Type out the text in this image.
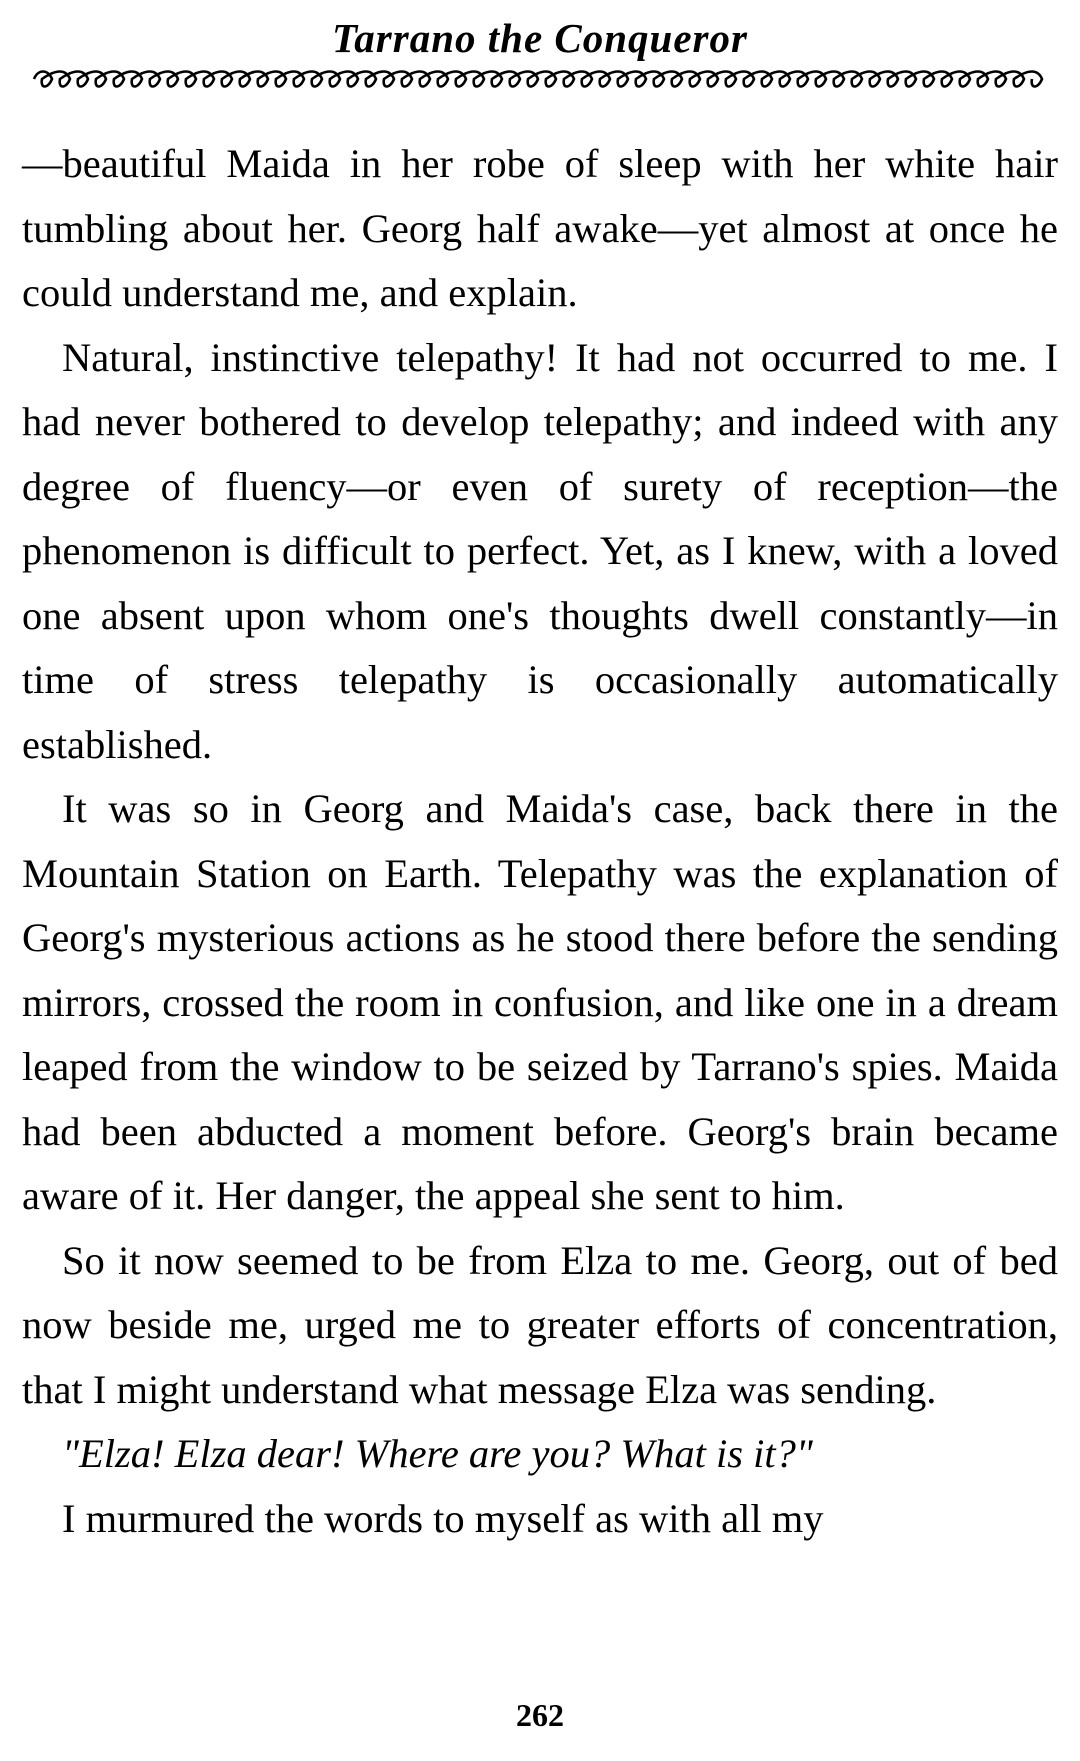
Tarrano the Conqueror

—beautiful Maida in her robe of sleep with her white hair tumbling about her. Georg half awake—yet almost at once he could understand me, and explain.

Natural, instinctive telepathy! It had not occurred to me. I had never bothered to develop telepathy; and indeed with any degree of fluency—or even of surety of reception—the phenomenon is difficult to perfect. Yet, as I knew, with a loved one absent upon whom one's thoughts dwell constantly—in time of stress telepathy is occasionally automatically established.

It was so in Georg and Maida's case, back there in the Mountain Station on Earth. Telepathy was the explanation of Georg's mysterious actions as he stood there before the sending mirrors, crossed the room in confusion, and like one in a dream leaped from the window to be seized by Tarrano's spies. Maida had been abducted a moment before. Georg's brain became aware of it. Her danger, the appeal she sent to him.

So it now seemed to be from Elza to me. Georg, out of bed now beside me, urged me to greater efforts of concentration, that I might understand what message Elza was sending.

"Elza! Elza dear! Where are you? What is it?"

I murmured the words to myself as with all my

262
